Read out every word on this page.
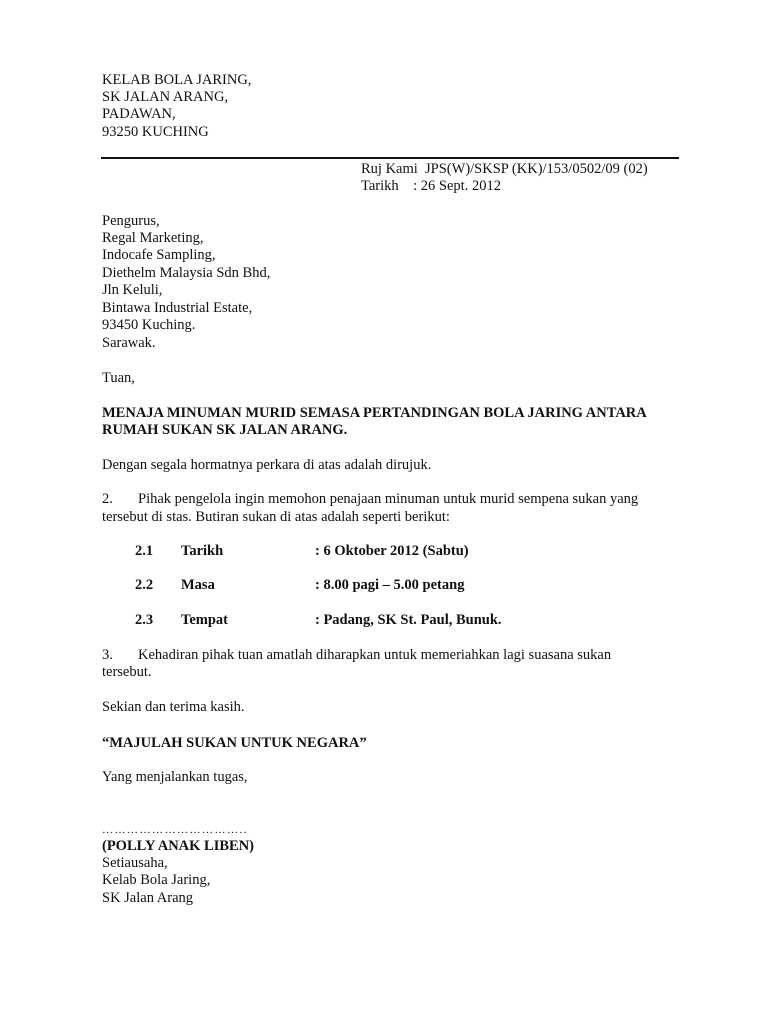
KELAB BOLA JARING,
SK JALAN ARANG,
PADAWAN,
93250 KUCHING
Ruj Kami  JPS(W)/SKSP (KK)/153/0502/09 (02)
Tarikh    : 26 Sept. 2012
Pengurus,
Regal Marketing,
Indocafe Sampling,
Diethelm Malaysia Sdn Bhd,
Jln Keluli,
Bintawa Industrial Estate,
93450 Kuching.
Sarawak.
Tuan,
MENAJA MINUMAN MURID SEMASA PERTANDINGAN BOLA JARING ANTARA
RUMAH SUKAN SK JALAN ARANG.
Dengan segala hormatnya perkara di atas adalah dirujuk.
2. Pihak pengelola ingin memohon penajaan minuman untuk murid sempena sukan yang
tersebut di stas. Butiran sukan di atas adalah seperti berikut:
2.1 Tarikh	: 6 Oktober 2012 (Sabtu)
2.2 Masa	: 8.00 pagi – 5.00 petang
2.3 Tempat	: Padang, SK St. Paul, Bunuk.
3. Kehadiran pihak tuan amatlah diharapkan untuk memeriahkan lagi suasana sukan
tersebut.
Sekian dan terima kasih.
“MAJULAH SUKAN UNTUK NEGARA”
Yang menjalankan tugas,
……………………………..
(POLLY ANAK LIBEN)
Setiausaha,
Kelab Bola Jaring,
SK Jalan Arang
